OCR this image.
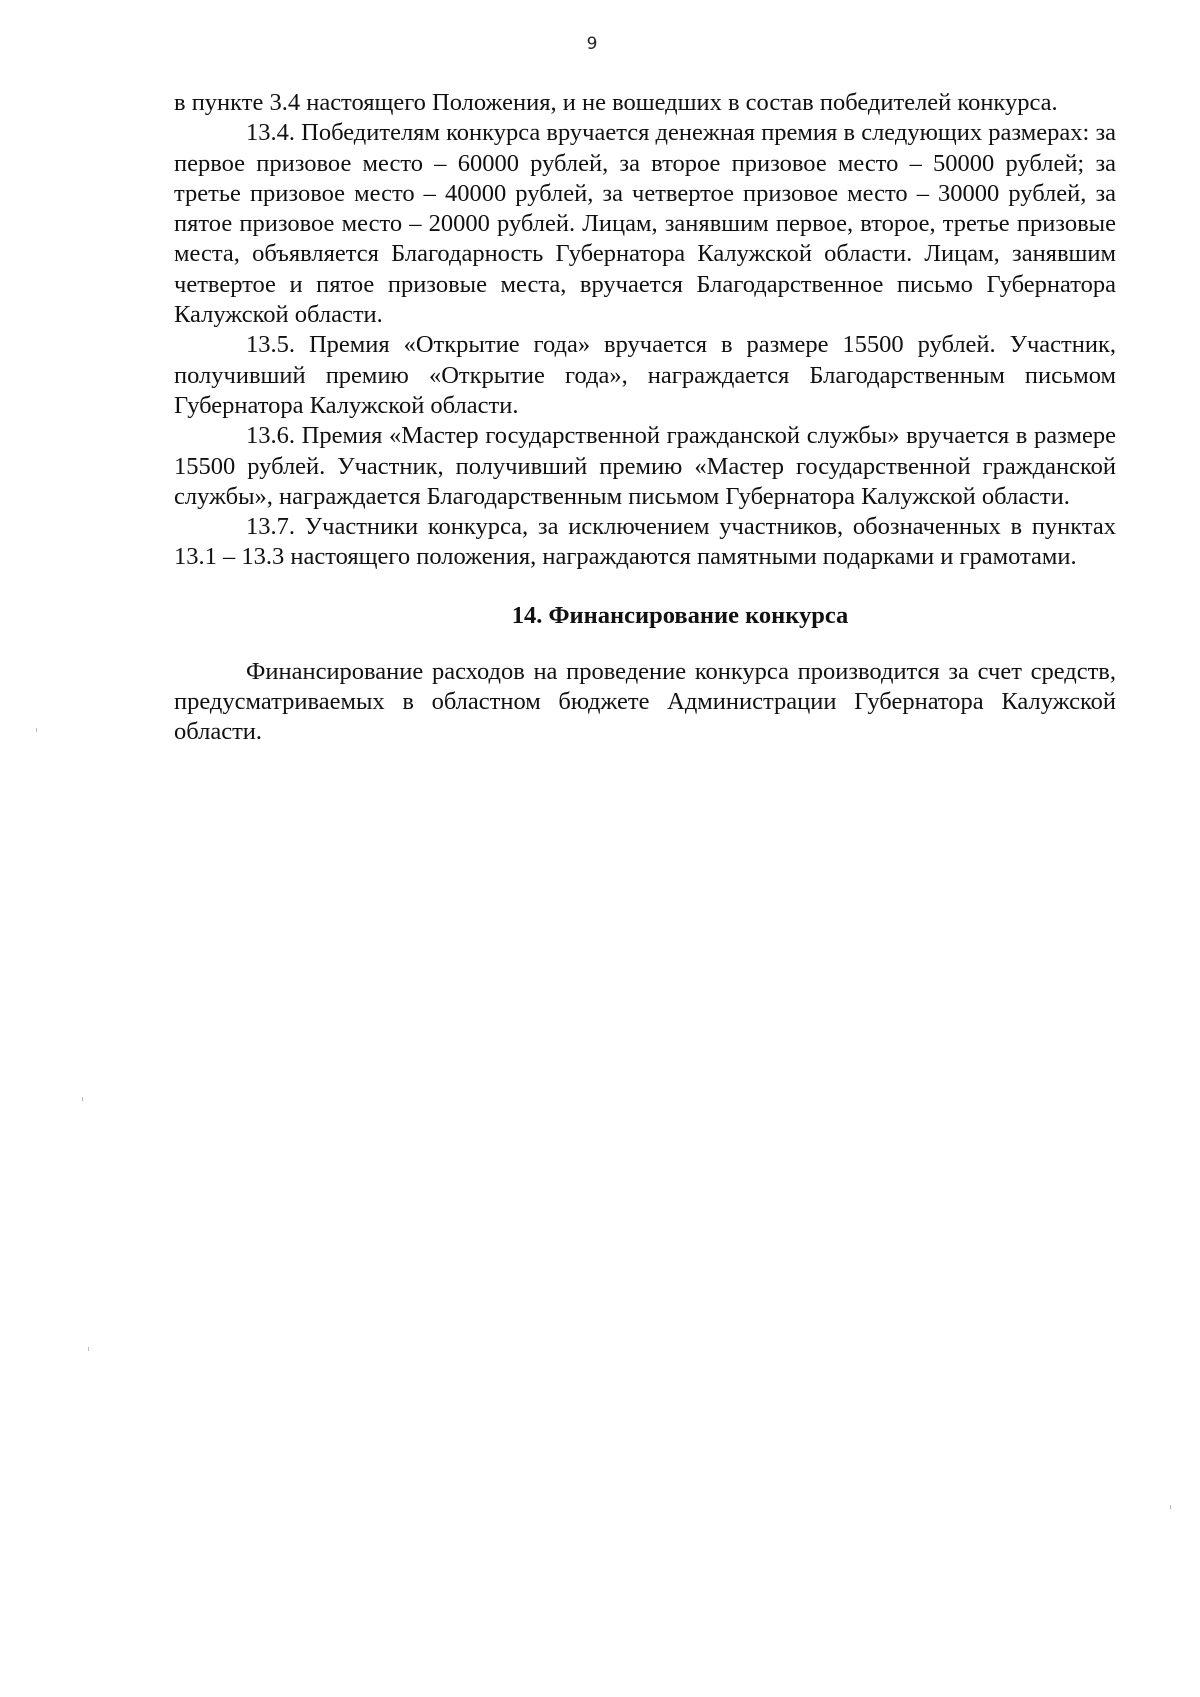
9

в пункте 3.4 настоящего Положения, и не вошедших в состав победителей конкурса.

13.4. Победителям конкурса вручается денежная премия в следующих размерах: за первое призовое место – 60000 рублей, за второе призовое место – 50000 рублей; за третье призовое место – 40000 рублей, за четвертое призовое место – 30000 рублей, за пятое призовое место – 20000 рублей. Лицам, занявшим первое, второе, третье призовые места, объявляется Благодарность Губернатора Калужской области. Лицам, занявшим четвертое и пятое призовые места, вручается Благодарственное письмо Губернатора Калужской области.

13.5. Премия «Открытие года» вручается в размере 15500 рублей. Участник, получивший премию «Открытие года», награждается Благодарственным письмом Губернатора Калужской области.

13.6. Премия «Мастер государственной гражданской службы» вручается в размере 15500 рублей. Участник, получивший премию «Мастер государственной гражданской службы», награждается Благодарственным письмом Губернатора Калужской области.

13.7. Участники конкурса, за исключением участников, обозначенных в пунктах 13.1 – 13.3 настоящего положения, награждаются памятными подарками и грамотами.

14. Финансирование конкурса

Финансирование расходов на проведение конкурса производится за счет средств, предусматриваемых в областном бюджете Администрации Губернатора Калужской области.
